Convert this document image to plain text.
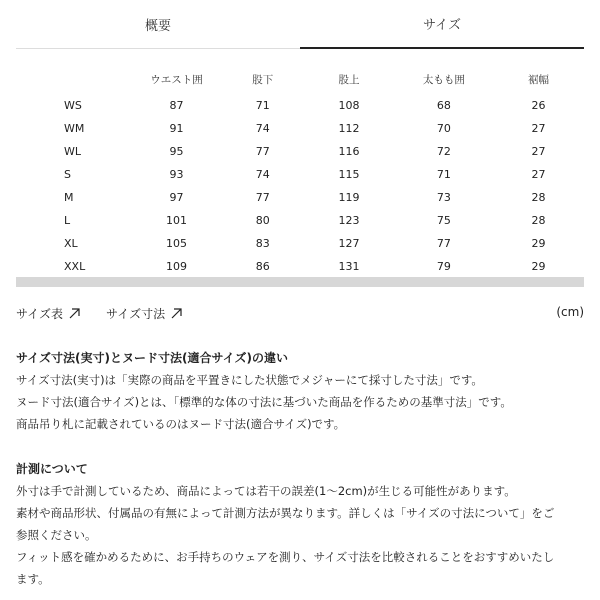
概要	サイズ
	ウエスト囲	股下	股上	太もも囲	裾幅
WS	87	71	108	68	26
WM	91	74	112	70	27
WL	95	77	116	72	27
S	93	74	115	71	27
M	97	77	119	73	28
L	101	80	123	75	28
XL	105	83	127	77	29
XXL	109	86	131	79	29
サイズ表	サイズ寸法	(cm)
サイズ寸法(実寸)とヌード寸法(適合サイズ)の違い

サイズ寸法(実寸)は「実際の商品を平置きにした状態でメジャーにて採寸した寸法」です。

ヌード寸法(適合サイズ)とは、「標準的な体の寸法に基づいた商品を作るための基準寸法」です。

商品吊り札に記載されているのはヌード寸法(適合サイズ)です。

計測について

外寸は手で計測しているため、商品によっては若干の誤差(1〜2cm)が生じる可能性があります。

素材や商品形状、付属品の有無によって計測方法が異なります。詳しくは「サイズの寸法について」をご

参照ください。

フィット感を確かめるために、お手持ちのウェアを測り、サイズ寸法を比較されることをおすすめいたし

ます。
